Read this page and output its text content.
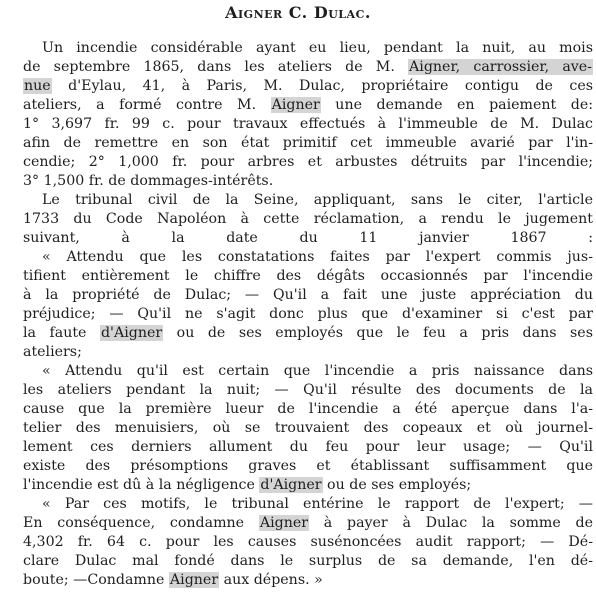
Aigner C. Dulac.
Un incendie considérable ayant eu lieu, pendant la nuit, au mois
de septembre 1865, dans les ateliers de M. Aigner, carrossier, ave-
nue d'Eylau, 41, à Paris, M. Dulac, propriétaire contigu de ces
ateliers, a formé contre M. Aigner une demande en paiement de:
1° 3,697 fr. 99 c. pour travaux effectués à l'immeuble de M. Dulac
afin de remettre en son état primitif cet immeuble avarié par l'in-
cendie; 2° 1,000 fr. pour arbres et arbustes détruits par l'incendie;
3° 1,500 fr. de dommages-intérêts.
Le tribunal civil de la Seine, appliquant, sans le citer, l'article
1733 du Code Napoléon à cette réclamation, a rendu le jugement
suivant, à la date du 11 janvier 1867 :
« Attendu que les constatations faites par l'expert commis jus-
tifient entièrement le chiffre des dégâts occasionnés par l'incendie
à la propriété de Dulac; — Qu'il a fait une juste appréciation du
préjudice; — Qu'il ne s'agit donc plus que d'examiner si c'est par
la faute d'Aigner ou de ses employés que le feu a pris dans ses
ateliers;
« Attendu qu'il est certain que l'incendie a pris naissance dans
les ateliers pendant la nuit; — Qu'il résulte des documents de la
cause que la première lueur de l'incendie a été aperçue dans l'a-
telier des menuisiers, où se trouvaient des copeaux et où journel-
lement ces derniers allument du feu pour leur usage; — Qu'il
existe des présomptions graves et établissant suffisamment que
l'incendie est dû à la négligence d'Aigner ou de ses employés;
« Par ces motifs, le tribunal entérine le rapport de l'expert; —
En conséquence, condamne Aigner à payer à Dulac la somme de
4,302 fr. 64 c. pour les causes susénoncées audit rapport; — Dé-
clare Dulac mal fondé dans le surplus de sa demande, l'en dé-
boute; —Condamne Aigner aux dépens. »
